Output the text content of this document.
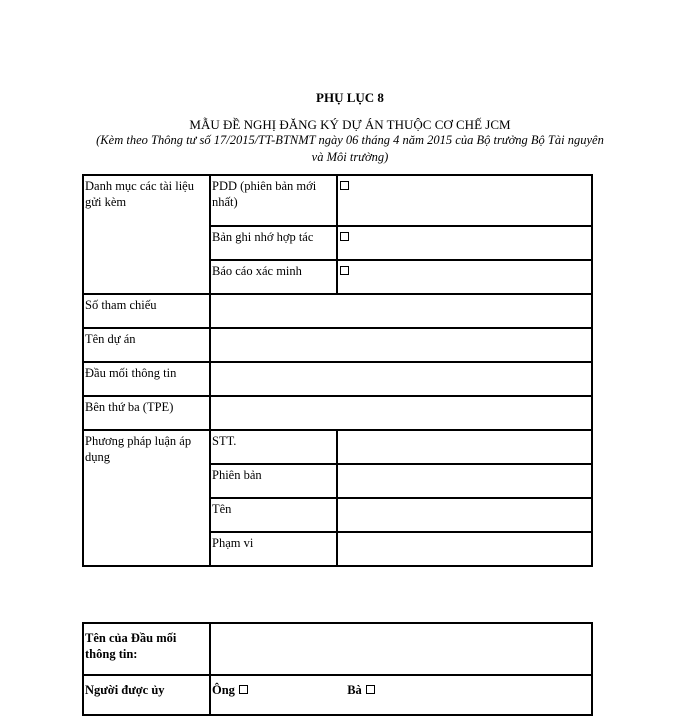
PHỤ LỤC 8
MẪU ĐỀ NGHỊ ĐĂNG KÝ DỰ ÁN THUỘC CƠ CHẾ JCM
(Kèm theo Thông tư số 17/2015/TT-BTNMT ngày 06 tháng 4 năm 2015 của Bộ trưởng Bộ Tài nguyên và Môi trường)
Danh mục các tài liệu gửi kèm	PDD (phiên bản mới nhất)	
	Bản ghi nhớ hợp tác	
	Báo cáo xác minh	
Số tham chiếu		
Tên dự án		
Đầu mối thông tin		
Bên thứ ba (TPE)		
Phương pháp luận áp dụng	STT.	
	Phiên bản	
	Tên	
	Phạm vi	
Tên của Đầu mối thông tin:	
Người được ủy	Ông Bà
